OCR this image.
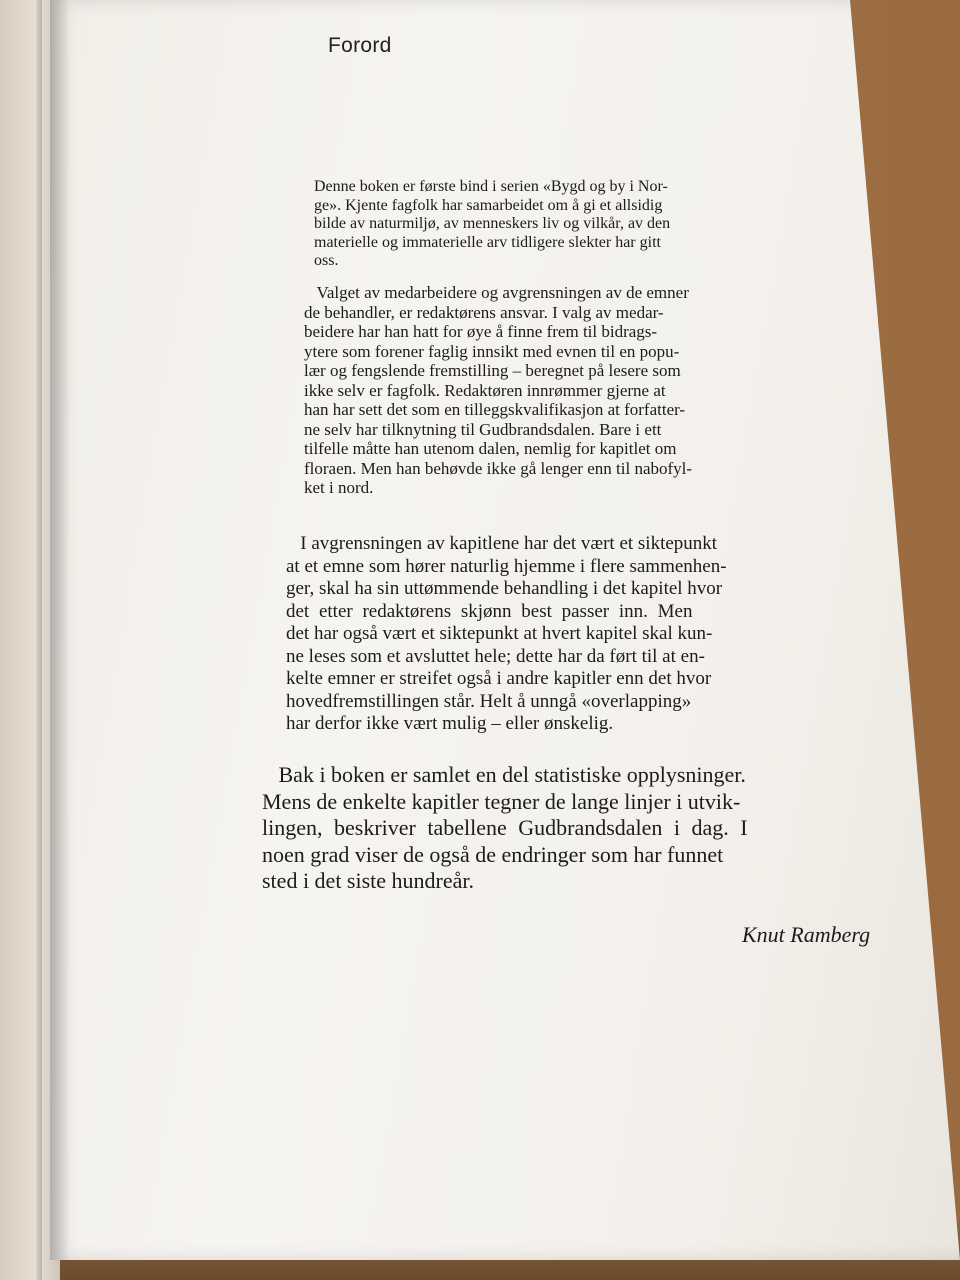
Forord
Denne boken er første bind i serien «Bygd og by i Nor-
ge». Kjente fagfolk har samarbeidet om å gi et allsidig
bilde av naturmiljø, av menneskers liv og vilkår, av den
materielle og immaterielle arv tidligere slekter har gitt
oss.
Valget av medarbeidere og avgrensningen av de emner
de behandler, er redaktørens ansvar. I valg av medar-
beidere har han hatt for øye å finne frem til bidrags-
ytere som forener faglig innsikt med evnen til en popu-
lær og fengslende fremstilling – beregnet på lesere som
ikke selv er fagfolk. Redaktøren innrømmer gjerne at
han har sett det som en tilleggskvalifikasjon at forfatter-
ne selv har tilknytning til Gudbrandsdalen. Bare i ett
tilfelle måtte han utenom dalen, nemlig for kapitlet om
floraen. Men han behøvde ikke gå lenger enn til nabofyl-
ket i nord.
I avgrensningen av kapitlene har det vært et siktepunkt
at et emne som hører naturlig hjemme i flere sammenhen-
ger, skal ha sin uttømmende behandling i det kapitel hvor
det etter redaktørens skjønn best passer inn. Men
det har også vært et siktepunkt at hvert kapitel skal kun-
ne leses som et avsluttet hele; dette har da ført til at en-
kelte emner er streifet også i andre kapitler enn det hvor
hovedfremstillingen står. Helt å unngå «overlapping»
har derfor ikke vært mulig – eller ønskelig.
Bak i boken er samlet en del statistiske opplysninger.
Mens de enkelte kapitler tegner de lange linjer i utvik-
lingen, beskriver tabellene Gudbrandsdalen i dag. I
noen grad viser de også de endringer som har funnet
sted i det siste hundreår.
Knut Ramberg
